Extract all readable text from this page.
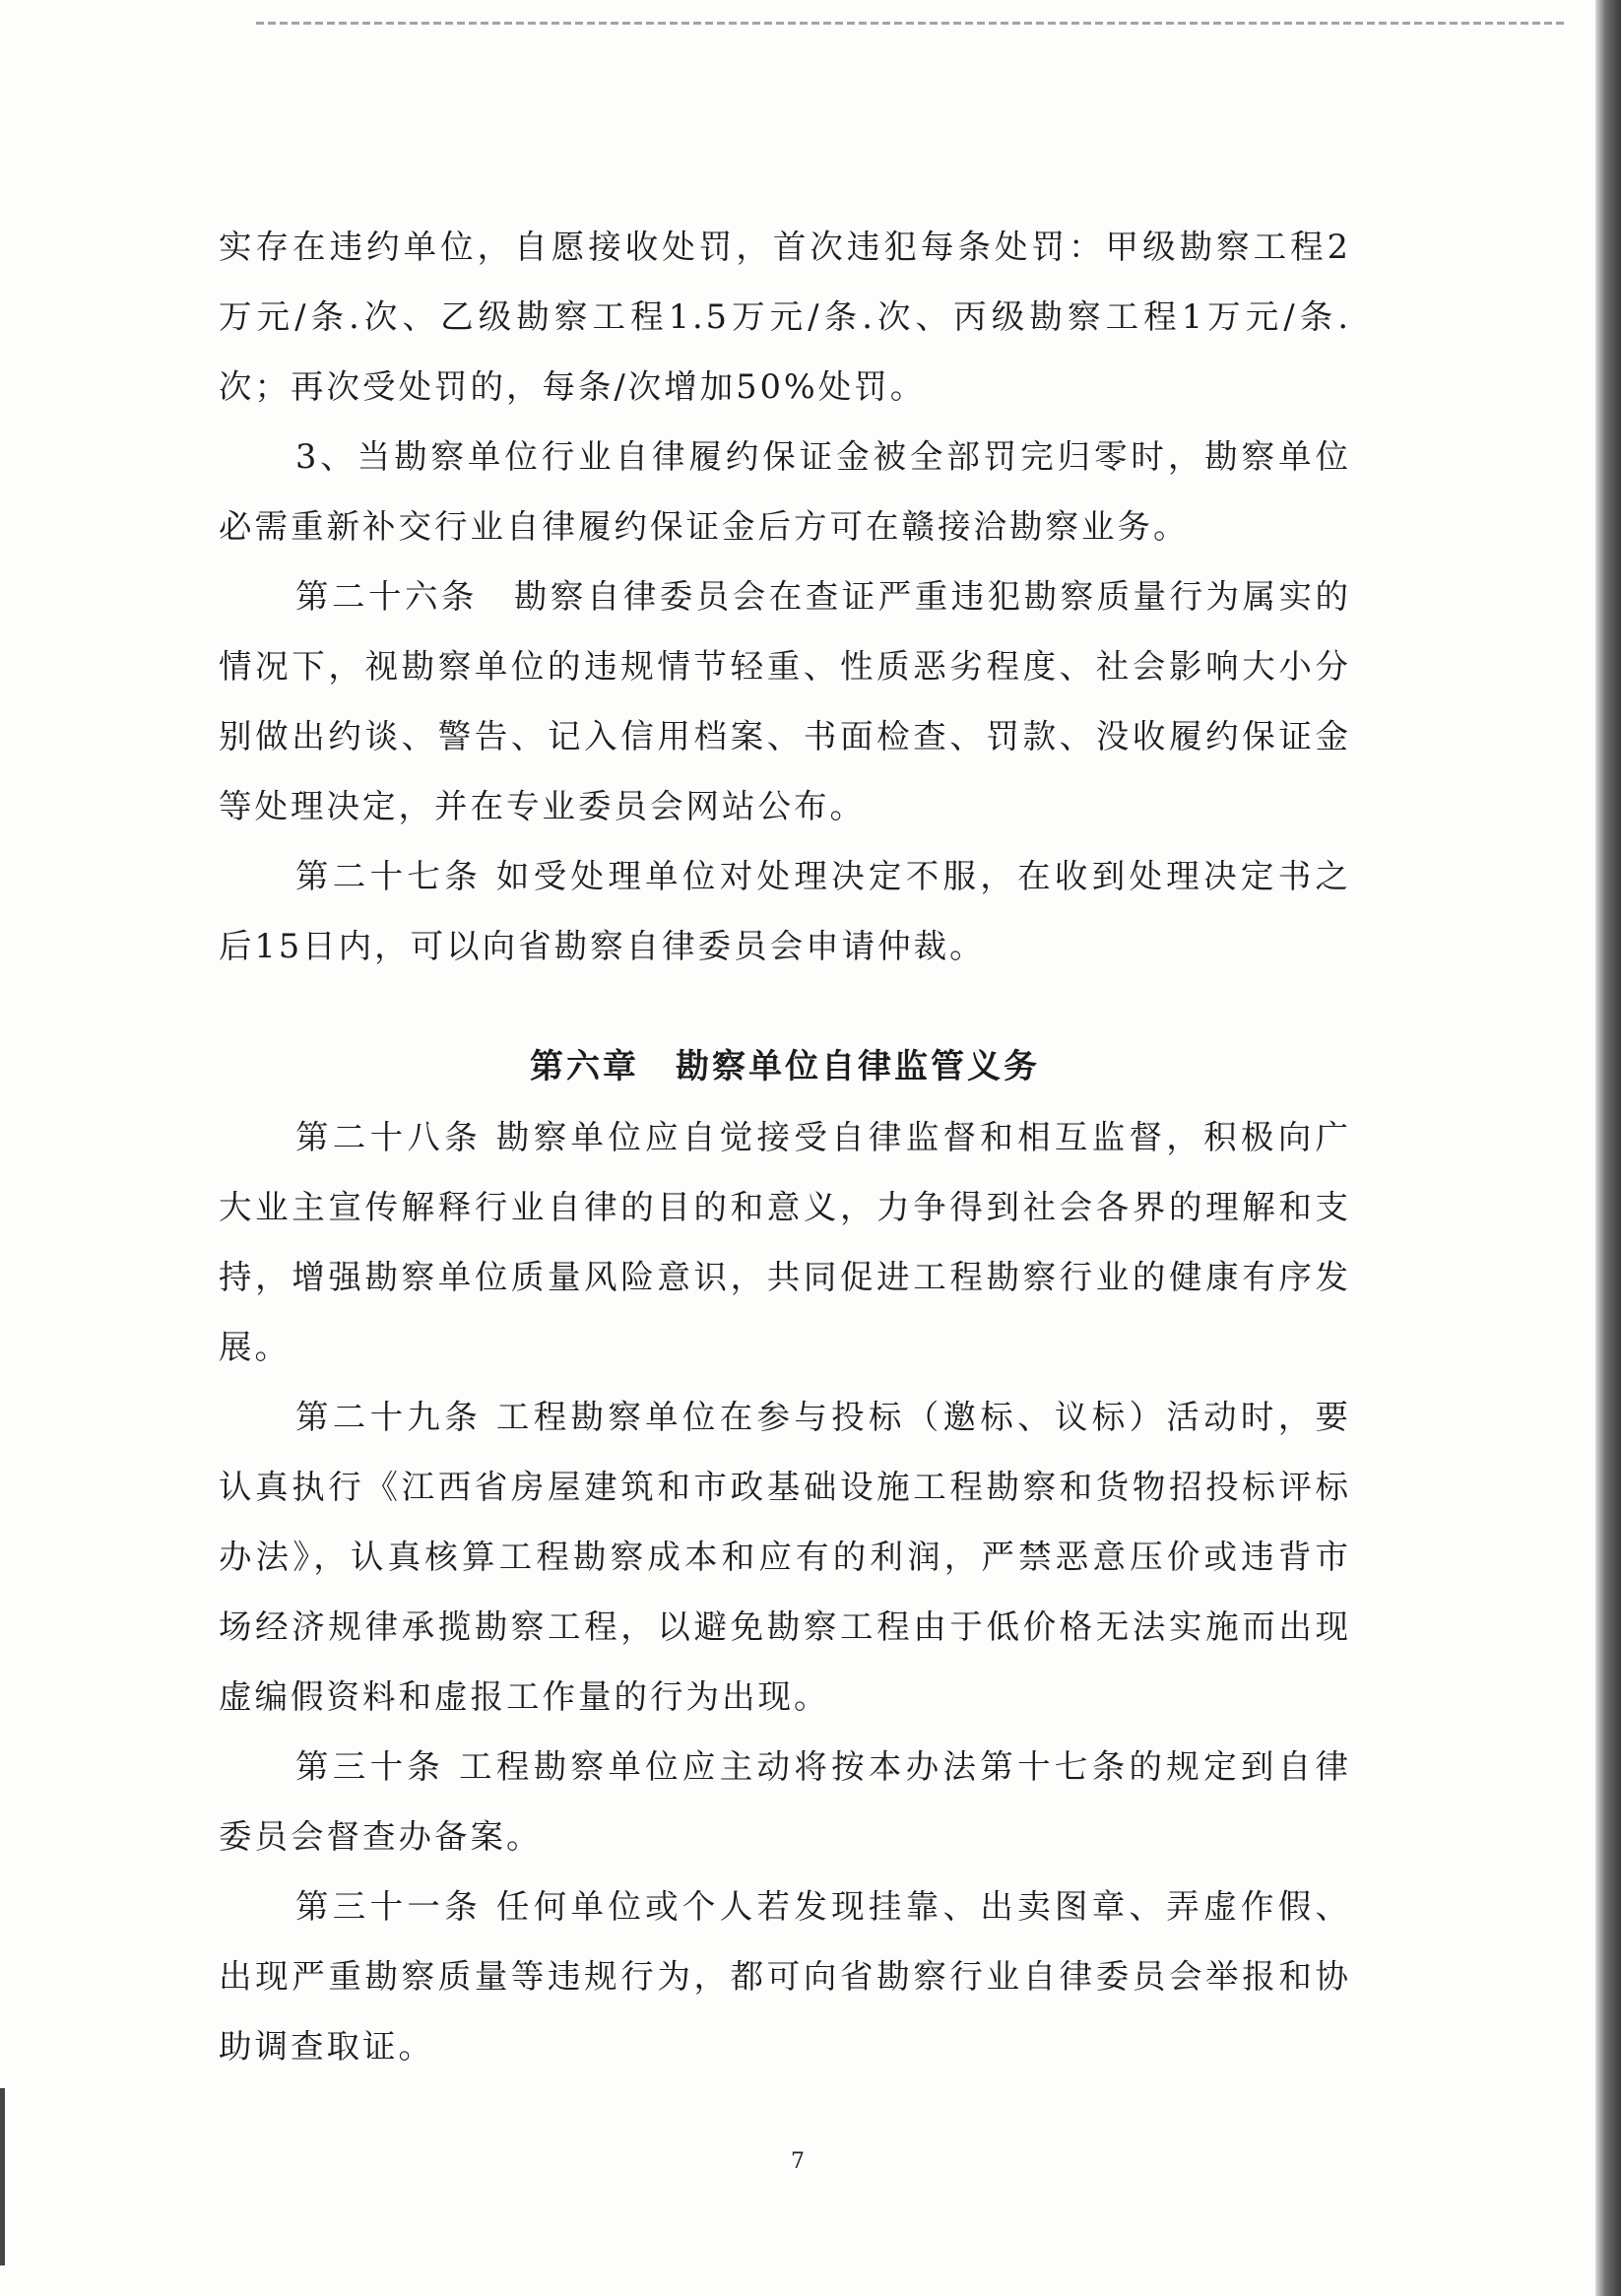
实存在违约单位，自愿接收处罚，首次违犯每条处罚：甲级勘察工程2万元/条.次、乙级勘察工程1.5万元/条.次、丙级勘察工程1万元/条.次；再次受处罚的，每条/次增加50%处罚。

3、当勘察单位行业自律履约保证金被全部罚完归零时，勘察单位必需重新补交行业自律履约保证金后方可在赣接洽勘察业务。

第二十六条　勘察自律委员会在查证严重违犯勘察质量行为属实的情况下，视勘察单位的违规情节轻重、性质恶劣程度、社会影响大小分别做出约谈、警告、记入信用档案、书面检查、罚款、没收履约保证金等处理决定，并在专业委员会网站公布。

第二十七条 如受处理单位对处理决定不服，在收到处理决定书之后15日内，可以向省勘察自律委员会申请仲裁。

第六章　勘察单位自律监管义务

第二十八条 勘察单位应自觉接受自律监督和相互监督，积极向广大业主宣传解释行业自律的目的和意义，力争得到社会各界的理解和支持，增强勘察单位质量风险意识，共同促进工程勘察行业的健康有序发展。

第二十九条 工程勘察单位在参与投标（邀标、议标）活动时，要认真执行《江西省房屋建筑和市政基础设施工程勘察和货物招投标评标办法》，认真核算工程勘察成本和应有的利润，严禁恶意压价或违背市场经济规律承揽勘察工程，以避免勘察工程由于低价格无法实施而出现虚编假资料和虚报工作量的行为出现。

第三十条 工程勘察单位应主动将按本办法第十七条的规定到自律委员会督查办备案。

第三十一条 任何单位或个人若发现挂靠、出卖图章、弄虚作假、出现严重勘察质量等违规行为，都可向省勘察行业自律委员会举报和协助调查取证。

7
